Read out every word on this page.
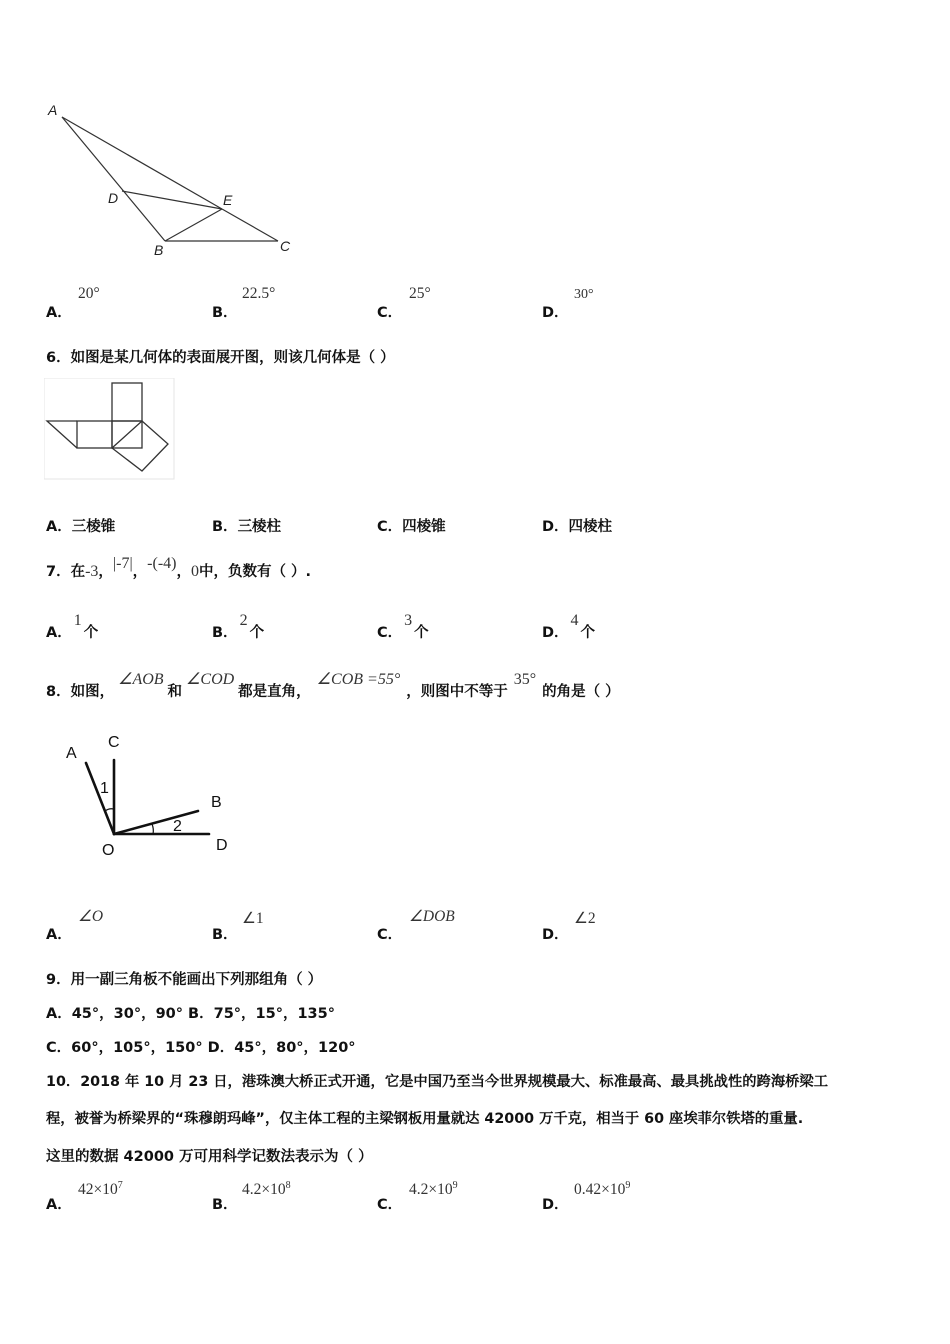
A
D	E
B	C
A．
20°
B．
22.5°
C．
25°
D．
30°
6．如图是某几何体的表面展开图，则该几何体是（ ）
A．三棱锥	B．三棱柱	C．四棱锥	D．四棱柱
7．在-3，|-7|，-(-4)，0中，负数有（ ）.
A．1个	B．2个	C．3个	D．4个
8．如图，∠AOB和∠COD都是直角，∠COB =55°，则图中不等于35°的角是（ ）
A
C
1
B
2
O	D
A．
∠O
B．
∠1
C．
∠DOB
D．
∠2
9．用一副三角板不能画出下列那组角（ ）
A．45°，30°，90° B．75°，15°，135°
C．60°，105°，150° D．45°，80°，120°
10．2018 年 10 月 23 日，港珠澳大桥正式开通，它是中国乃至当今世界规模最大、标准最高、最具挑战性的跨海桥梁工
程，被誉为桥梁界的“珠穆朗玛峰”，仅主体工程的主梁钢板用量就达 42000 万千克，相当于 60 座埃菲尔铁塔的重量.
这里的数据 42000 万可用科学记数法表示为（ ）
A．
$42\times 10^7$
B．
$4.2\times 10^8$
C．
$4.2\times 10^9$
D．
$0.42\times 10^9$
